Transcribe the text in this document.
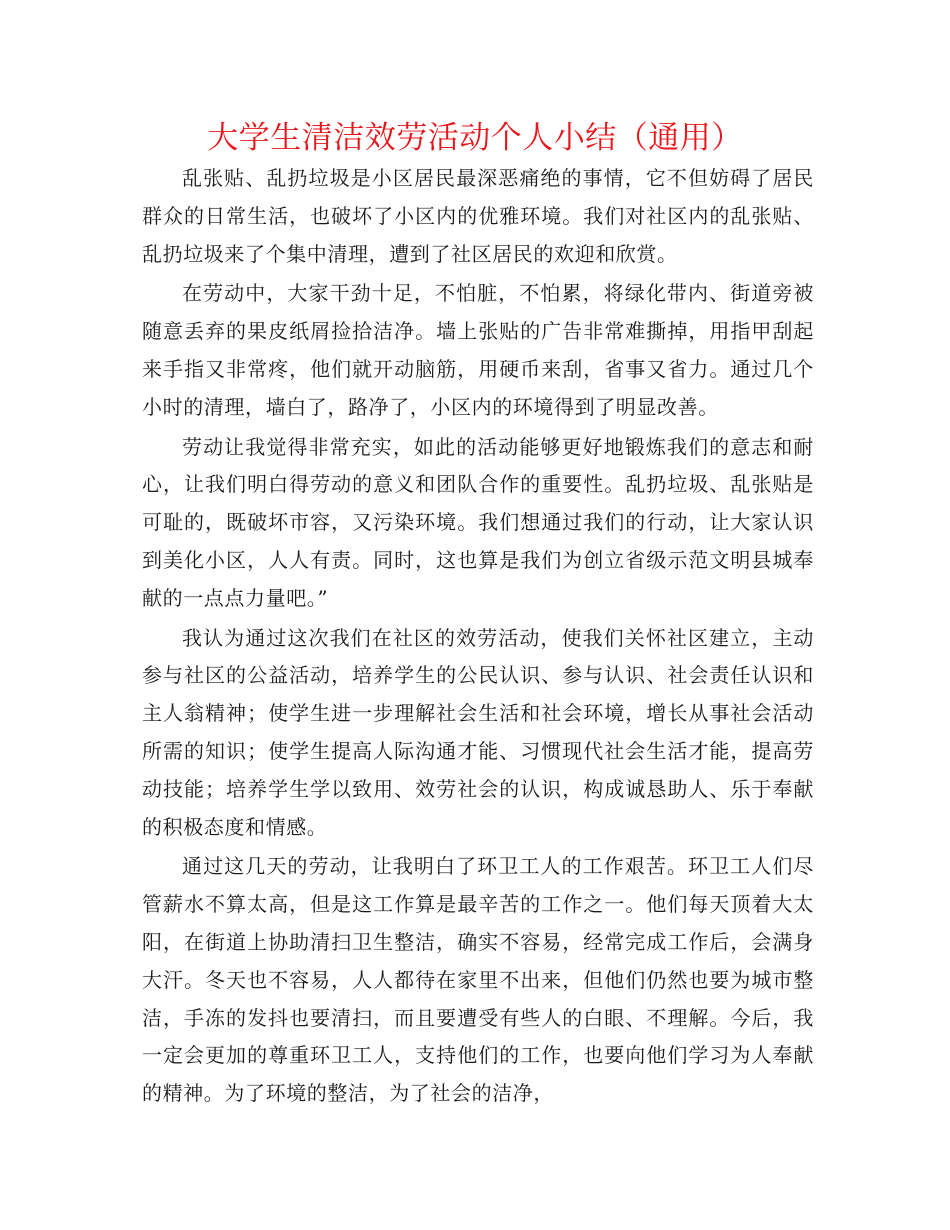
大学生清洁效劳活动个人小结（通用）

乱张贴、乱扔垃圾是小区居民最深恶痛绝的事情，它不但妨碍了居民群众的日常生活，也破坏了小区内的优雅环境。我们对社区内的乱张贴、乱扔垃圾来了个集中清理，遭到了社区居民的欢迎和欣赏。

在劳动中，大家干劲十足，不怕脏，不怕累，将绿化带内、街道旁被随意丢弃的果皮纸屑捡拾洁净。墙上张贴的广告非常难撕掉，用指甲刮起来手指又非常疼，他们就开动脑筋，用硬币来刮，省事又省力。通过几个小时的清理，墙白了，路净了，小区内的环境得到了明显改善。

劳动让我觉得非常充实，如此的活动能够更好地锻炼我们的意志和耐心，让我们明白得劳动的意义和团队合作的重要性。乱扔垃圾、乱张贴是可耻的，既破坏市容，又污染环境。我们想通过我们的行动，让大家认识到美化小区，人人有责。同时，这也算是我们为创立省级示范文明县城奉献的一点点力量吧。”

我认为通过这次我们在社区的效劳活动，使我们关怀社区建立，主动参与社区的公益活动，培养学生的公民认识、参与认识、社会责任认识和主人翁精神；使学生进一步理解社会生活和社会环境，增长从事社会活动所需的知识；使学生提高人际沟通才能、习惯现代社会生活才能，提高劳动技能；培养学生学以致用、效劳社会的认识，构成诚恳助人、乐于奉献的积极态度和情感。

通过这几天的劳动，让我明白了环卫工人的工作艰苦。环卫工人们尽管薪水不算太高，但是这工作算是最辛苦的工作之一。他们每天顶着大太阳，在街道上协助清扫卫生整洁，确实不容易，经常完成工作后，会满身大汗。冬天也不容易，人人都待在家里不出来，但他们仍然也要为城市整洁，手冻的发抖也要清扫，而且要遭受有些人的白眼、不理解。今后，我一定会更加的尊重环卫工人，支持他们的工作，也要向他们学习为人奉献的精神。为了环境的整洁，为了社会的洁净，
